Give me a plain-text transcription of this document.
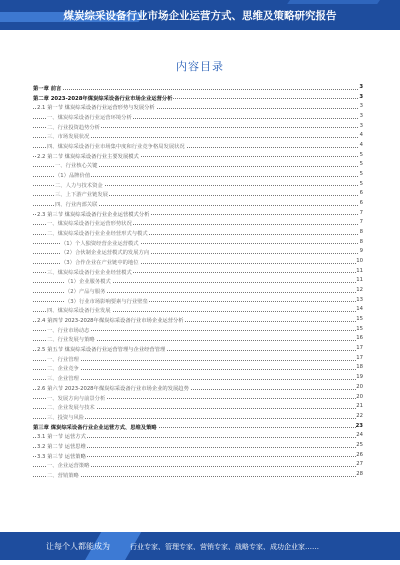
煤炭综采设备行业市场企业运营方式、思维及策略研究报告
内容目录
第一章 前言	3
第二章 2023-2028年煤炭综采设备行业市场企业运营分析	3
2.1 第一节 煤炭综采设备行业运营形势与发展分析	3
一、煤炭综采设备行业运营环境分析	3
二、行业投资趋势分析	3
三、市场发展状况	4
四、煤炭综采设备行业市场集中度和行业竞争格局发展状况	4
2.2 第二节 煤炭综采设备行业主要发展模式	5
一、行业核心关键	5
（1）品牌价值	5
二、人力与技术资金	5
三、上下游产业链发展	6
四、行业内部关联	6
2.3 第三节 煤炭综采设备行业企业运营模式分析	7
一、煤炭综采设备行业运营形势状况	7
二、煤炭综采设备行业企业经营形式与模式	8
（1）个人独资经营企业运营模式	8
（2）合伙制企业运营模式的发展方向	9
（3）合作企业在产业链中的地位	10
三、煤炭综采设备行业企业经营模式	11
（1）企业服务模式	11
（2）产品与服务	12
（3）行业市场影响要素与行业壁垒	13
四、煤炭综采设备行业发展	14
2.4 第四节 2023-2028年煤炭综采设备行业市场企业运营分析	15
一、行业市场动态	15
二、行业发展与策略	16
2.5 第五节 煤炭综采设备行业运营管理与企业经营管理	17
一、行业管理	17
二、企业竞争	18
三、企业管理	19
2.6 第六节 2023-2028年煤炭综采设备行业市场企业的发展趋势	20
一、发展方向与前景分析	20
二、企业发展与技术	21
三、投资与风险	22
第三章 煤炭综采设备行业企业运营方式、思维及策略	23
3.1 第一节 运营方式	24
3.2 第二节 运营思维	25
3.3 第三节 运营策略	26
一、企业运营策略	27
二、营销策略	28
让每个人都能成为	行业专家、管理专家、营销专家、战略专家、成功企业家……
